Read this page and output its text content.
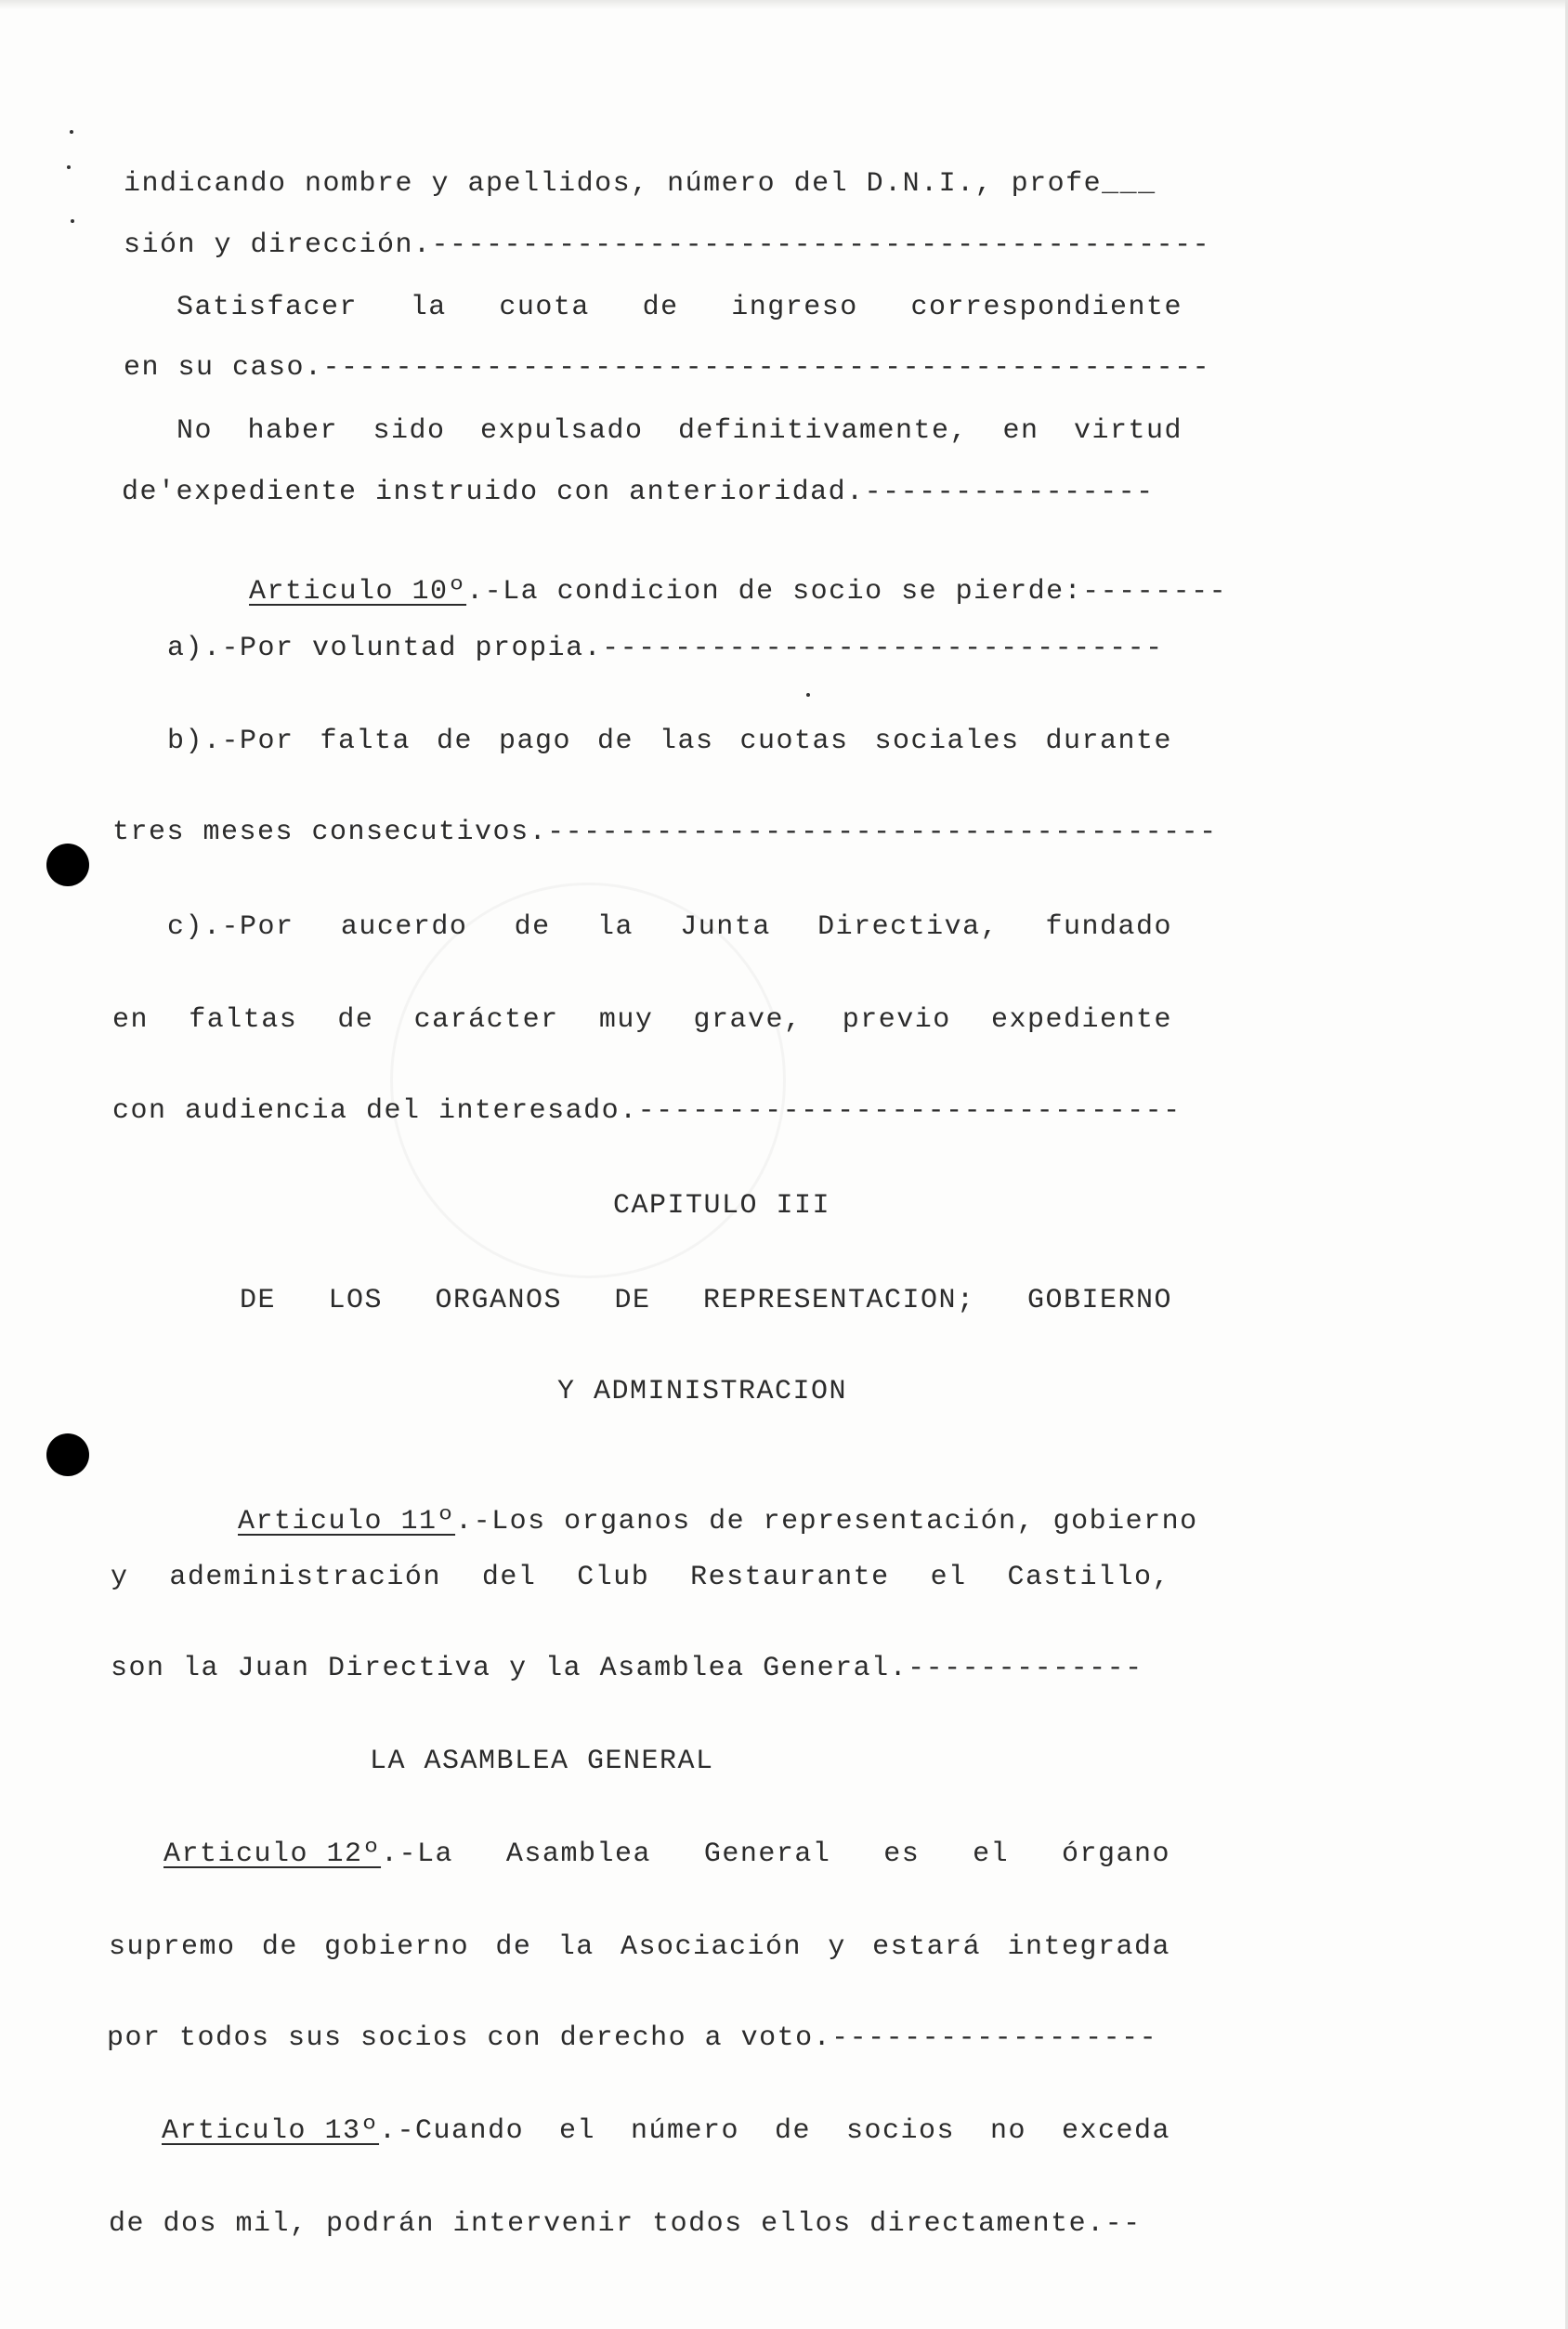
indicando nombre y apellidos, número del D.N.I., profe___
sión y dirección.-------------------------------------------
Satisfacer la cuota de ingreso correspondiente
en su caso.-------------------------------------------------
No haber sido expulsado definitivamente, en virtud
de'expediente instruido con anterioridad.----------------

Articulo 10º.-La condicion de socio se pierde:--------

a).-Por voluntad propia.-------------------------------
b).-Por falta de pago de las cuotas sociales durante
tres meses consecutivos.-------------------------------------
c).-Por aucerdo de la Junta Directiva, fundado
en faltas de carácter muy grave, previo expediente
con audiencia del interesado.------------------------------
CAPITULO III
DE LOS ORGANOS DE REPRESENTACION; GOBIERNO
Y ADMINISTRACION

Articulo 11º.-Los organos de representación, gobierno

y adeministración del Club Restaurante el Castillo,
son la Juan Directiva y la Asamblea General.-------------
LA ASAMBLEA GENERAL
Articulo 12º .-La Asamblea General es el órgano
supremo de gobierno de la Asociación y estará integrada
por todos sus socios con derecho a voto.------------------
Articulo 13º .-Cuando el número de socios no exceda
de dos mil, podrán intervenir todos ellos directamente.--
